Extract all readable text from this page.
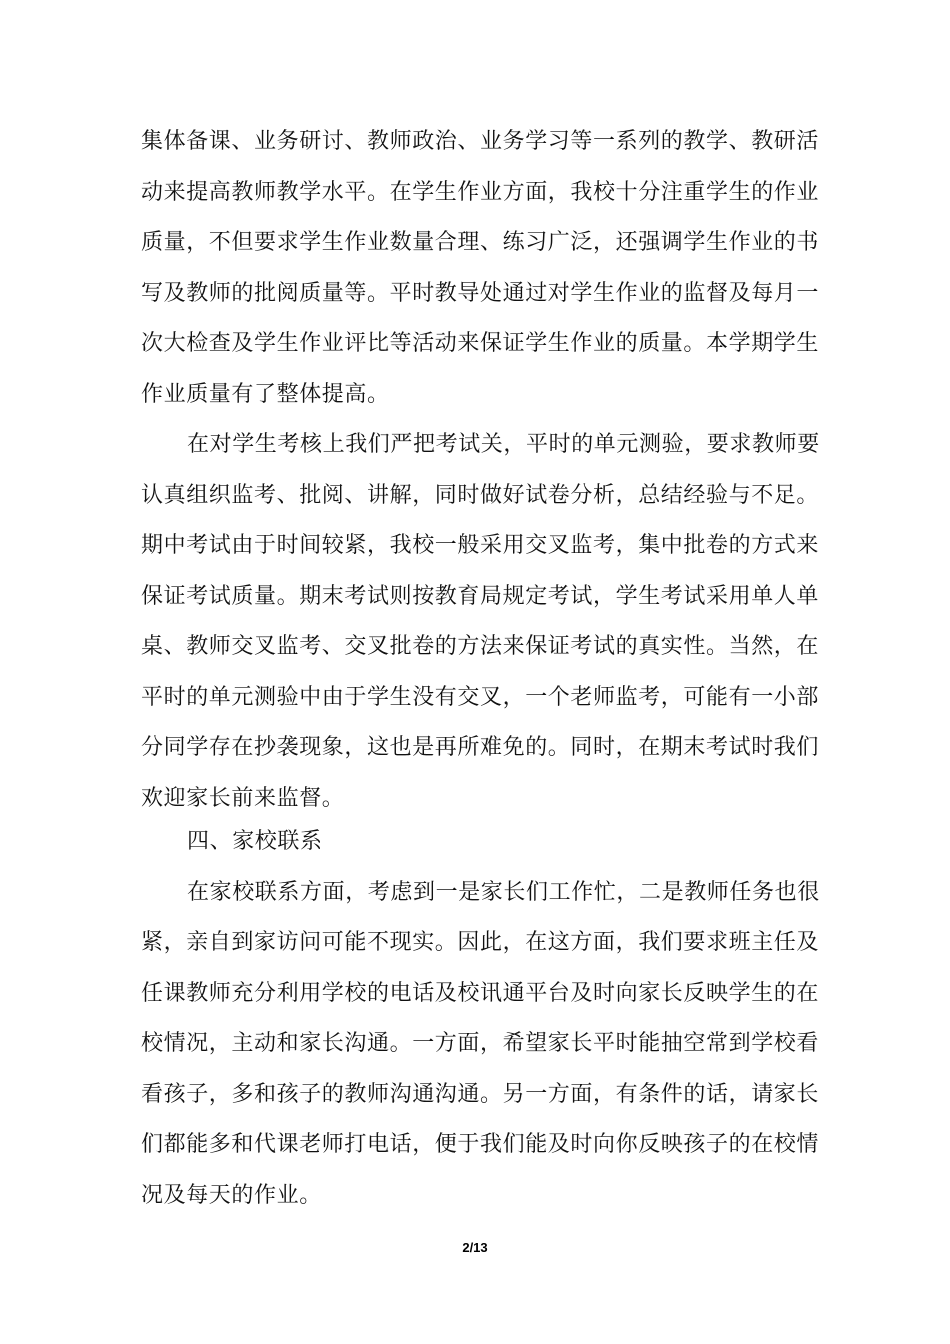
集体备课、业务研讨、教师政治、业务学习等一系列的教学、教研活
动来提高教师教学水平。在学生作业方面，我校十分注重学生的作业
质量，不但要求学生作业数量合理、练习广泛，还强调学生作业的书
写及教师的批阅质量等。平时教导处通过对学生作业的监督及每月一
次大检查及学生作业评比等活动来保证学生作业的质量。本学期学生
作业质量有了整体提高。
在对学生考核上我们严把考试关，平时的单元测验，要求教师要
认真组织监考、批阅、讲解，同时做好试卷分析，总结经验与不足。
期中考试由于时间较紧，我校一般采用交叉监考，集中批卷的方式来
保证考试质量。期末考试则按教育局规定考试，学生考试采用单人单
桌、教师交叉监考、交叉批卷的方法来保证考试的真实性。当然，在
平时的单元测验中由于学生没有交叉，一个老师监考，可能有一小部
分同学存在抄袭现象，这也是再所难免的。同时，在期末考试时我们
欢迎家长前来监督。
四、家校联系
在家校联系方面，考虑到一是家长们工作忙，二是教师任务也很
紧，亲自到家访问可能不现实。因此，在这方面，我们要求班主任及
任课教师充分利用学校的电话及校讯通平台及时向家长反映学生的在
校情况，主动和家长沟通。一方面，希望家长平时能抽空常到学校看
看孩子，多和孩子的教师沟通沟通。另一方面，有条件的话，请家长
们都能多和代课老师打电话，便于我们能及时向你反映孩子的在校情
况及每天的作业。
2/13
